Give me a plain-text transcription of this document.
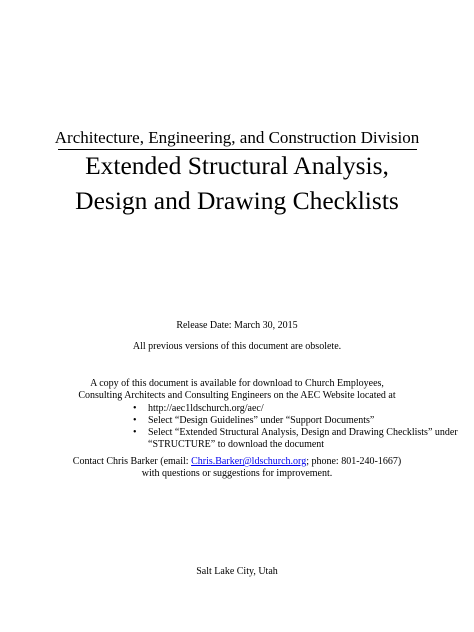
Architecture, Engineering, and Construction Division
Extended Structural Analysis,
Design and Drawing Checklists
Release Date: March 30, 2015
All previous versions of this document are obsolete.
A copy of this document is available for download to Church Employees,
Consulting Architects and Consulting Engineers on the AEC Website located at
• http://aec1ldschurch.org/aec/
• Select “Design Guidelines” under “Support Documents”
• Select “Extended Structural Analysis, Design and Drawing Checklists” under
“STRUCTURE” to download the document
Contact Chris Barker (email: Chris.Barker@ldschurch.org; phone: 801-240-1667)
with questions or suggestions for improvement.
Salt Lake City, Utah
